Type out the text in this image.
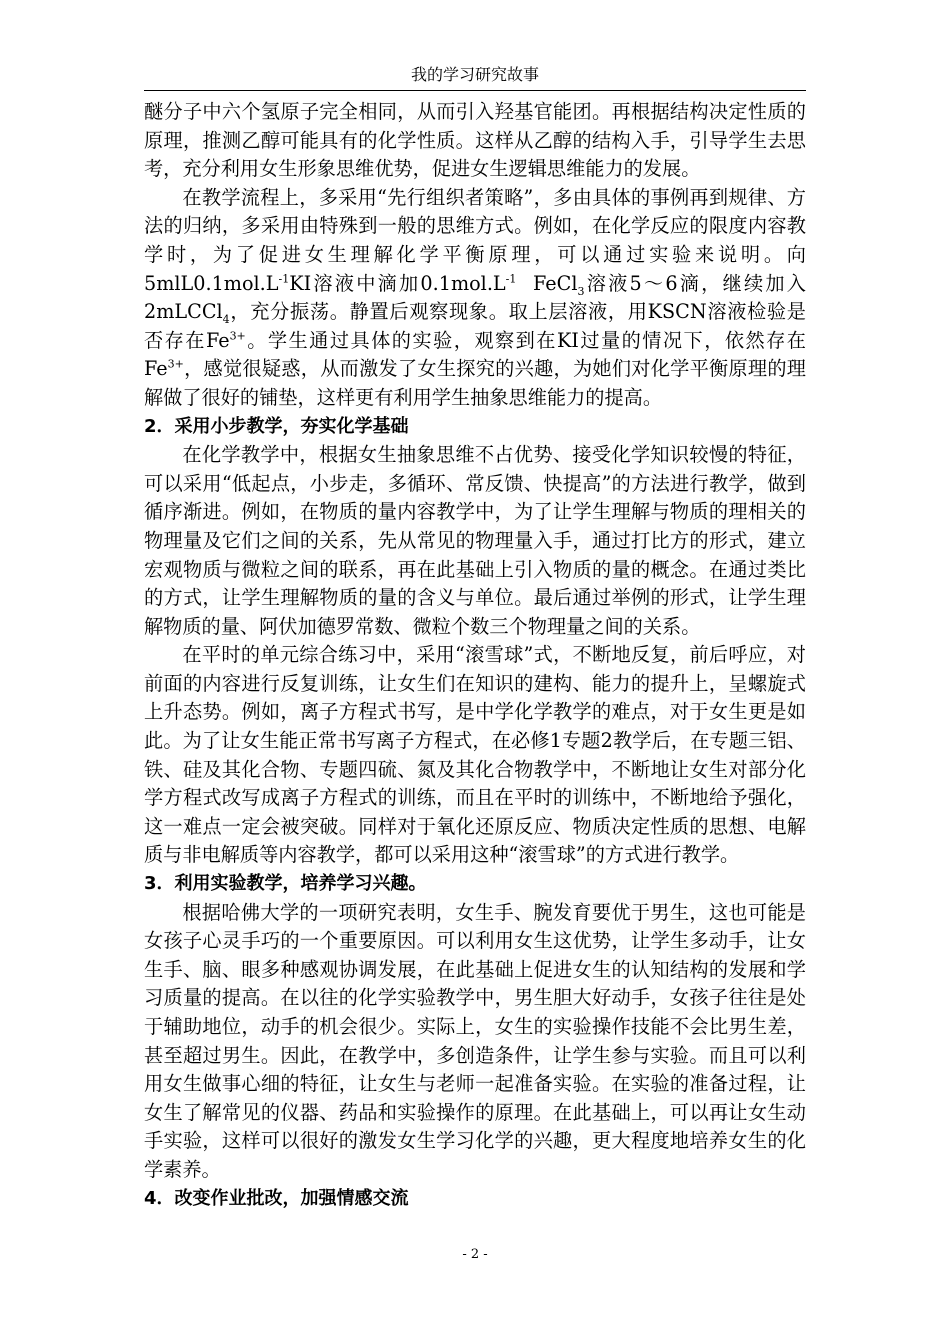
我的学习研究故事

醚分子中六个氢原子完全相同，从而引入羟基官能团。再根据结构决定性质的原理，推测乙醇可能具有的化学性质。这样从乙醇的结构入手，引导学生去思考，充分利用女生形象思维优势，促进女生逻辑思维能力的发展。

在教学流程上，多采用“先行组织者策略”，多由具体的事例再到规律、方法的归纳，多采用由特殊到一般的思维方式。例如，在化学反应的限度内容教学时，为了促进女生理解化学平衡原理，可以通过实验来说明。向 $5mlL0.1mol.L^{-1}KI$溶液中滴加$0.1mol.L^{-1}$  FeCl$_3$溶液5～6滴，继续加入2mLCCl$_4$，充分振荡。静置后观察现象。取上层溶液，用KSCN溶液检验是否存在$Fe^{3+}$。学生通过具体的实验，观察到在KI过量的情况下，依然存在$Fe^{3+}$，感觉很疑惑，从而激发了女生探究的兴趣，为她们对化学平衡原理的理解做了很好的铺垫，这样更有利用学生抽象思维能力的提高。

2．采用小步教学，夯实化学基础

在化学教学中，根据女生抽象思维不占优势、接受化学知识较慢的特征，可以采用“低起点，小步走，多循环、常反馈、快提高”的方法进行教学，做到循序渐进。例如，在物质的量内容教学中，为了让学生理解与物质的理相关的物理量及它们之间的关系，先从常见的物理量入手，通过打比方的形式，建立宏观物质与微粒之间的联系，再在此基础上引入物质的量的概念。在通过类比的方式，让学生理解物质的量的含义与单位。最后通过举例的形式，让学生理解物质的量、阿伏加德罗常数、微粒个数三个物理量之间的关系。

在平时的单元综合练习中，采用“滚雪球”式，不断地反复，前后呼应，对前面的内容进行反复训练，让女生们在知识的建构、能力的提升上，呈螺旋式上升态势。例如，离子方程式书写，是中学化学教学的难点，对于女生更是如此。为了让女生能正常书写离子方程式，在必修1专题2教学后，在专题三铝、铁、硅及其化合物、专题四硫、氮及其化合物教学中，不断地让女生对部分化学方程式改写成离子方程式的训练，而且在平时的训练中，不断地给予强化，这一难点一定会被突破。同样对于氧化还原反应、物质决定性质的思想、电解质与非电解质等内容教学，都可以采用这种“滚雪球”的方式进行教学。

3．利用实验教学，培养学习兴趣。

根据哈佛大学的一项研究表明，女生手、腕发育要优于男生，这也可能是女孩子心灵手巧的一个重要原因。可以利用女生这优势，让学生多动手，让女生手、脑、眼多种感观协调发展，在此基础上促进女生的认知结构的发展和学习质量的提高。在以往的化学实验教学中，男生胆大好动手，女孩子往往是处于辅助地位，动手的机会很少。实际上，女生的实验操作技能不会比男生差，甚至超过男生。因此，在教学中，多创造条件，让学生参与实验。而且可以利用女生做事心细的特征，让女生与老师一起准备实验。在实验的准备过程，让女生了解常见的仪器、药品和实验操作的原理。在此基础上，可以再让女生动手实验，这样可以很好的激发女生学习化学的兴趣，更大程度地培养女生的化学素养。

4．改变作业批改，加强情感交流

- 2 -
